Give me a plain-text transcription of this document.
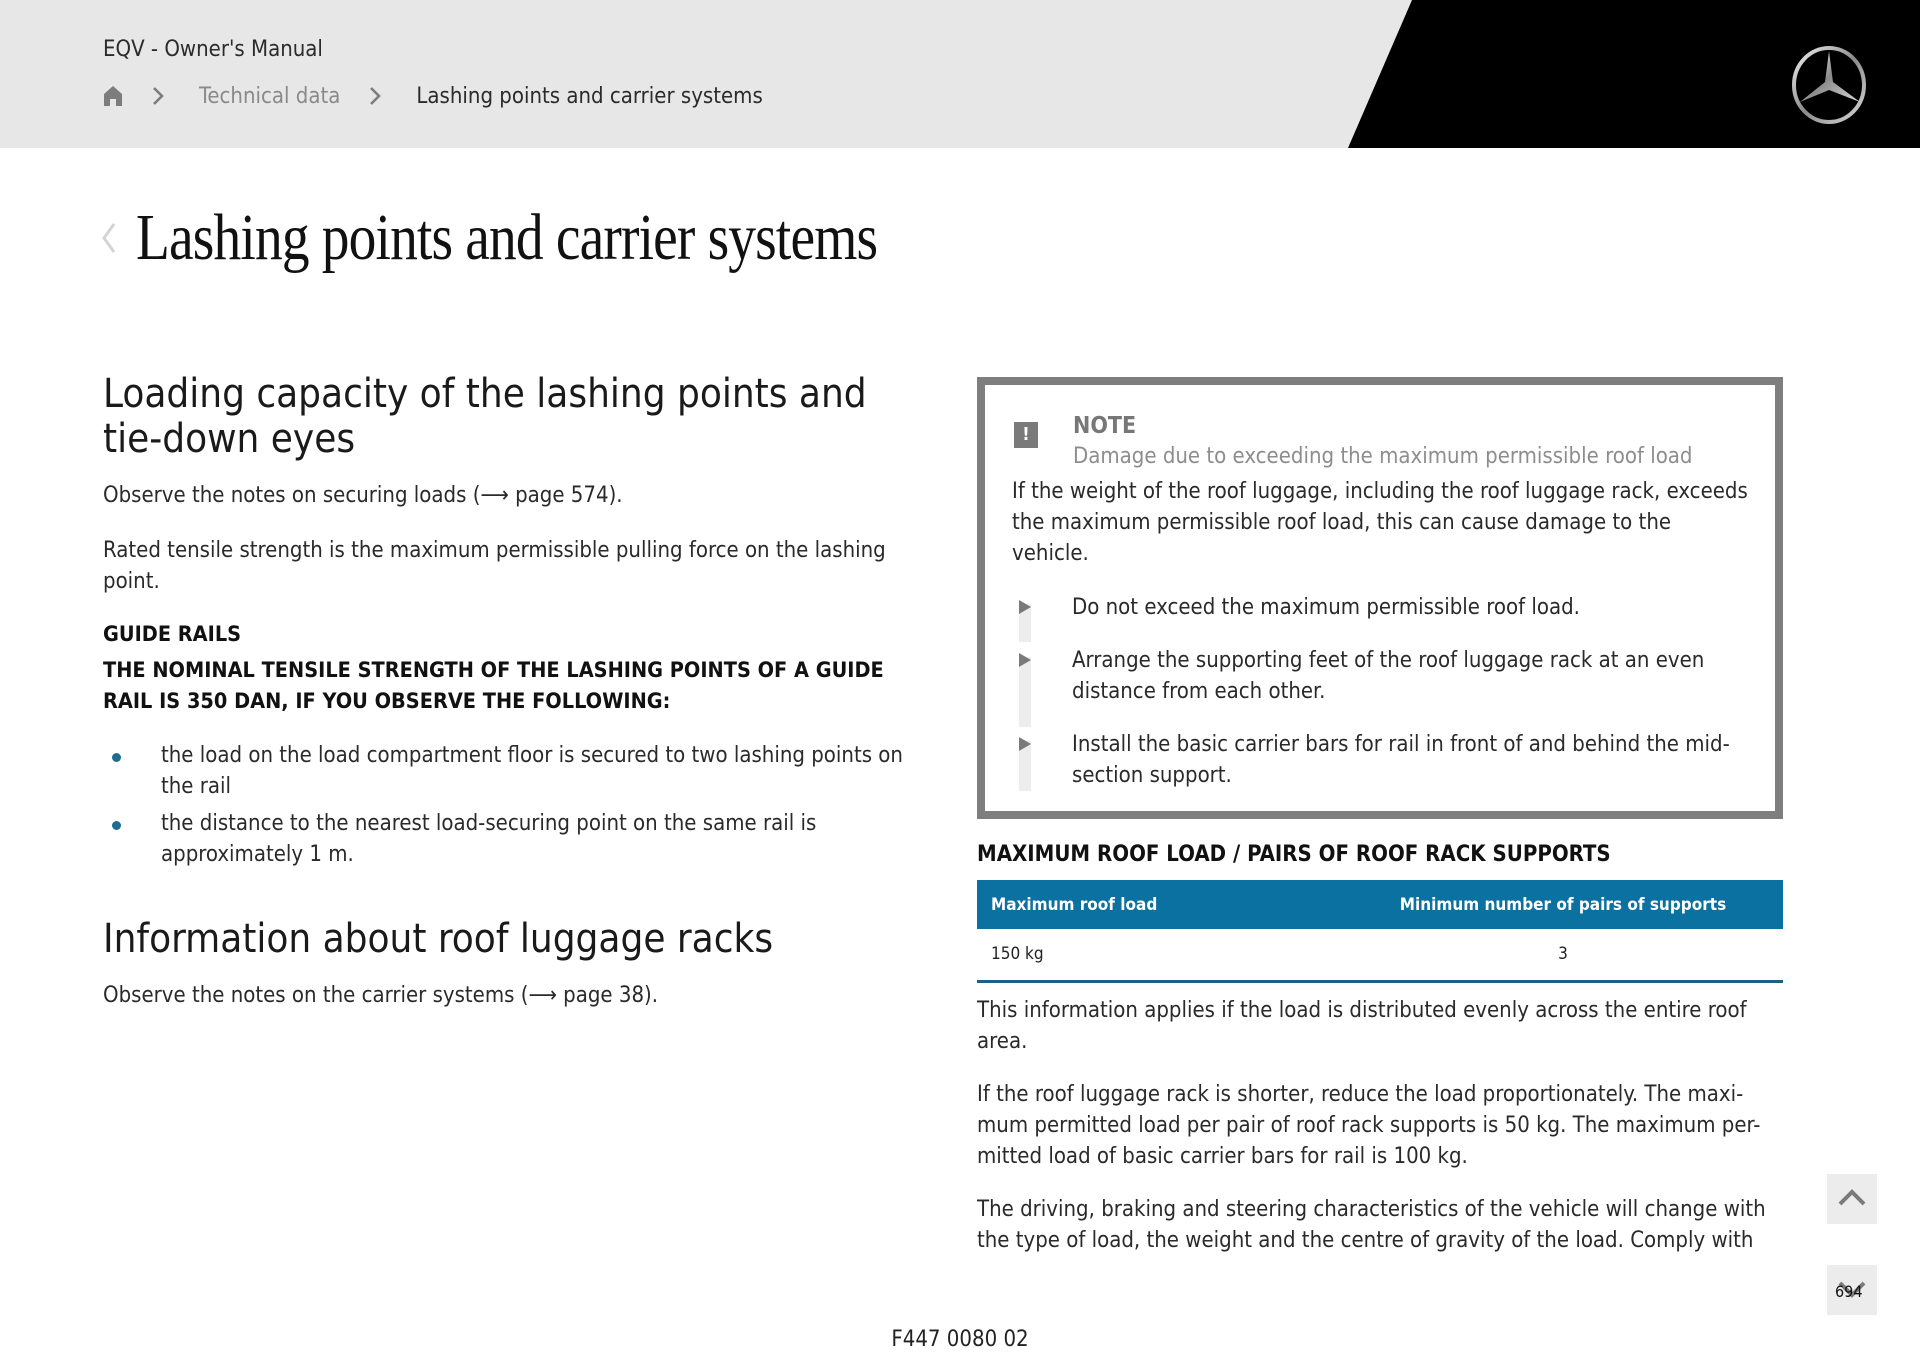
EQV - Owner's Manual
Technical data	Lashing points and carrier systems
Lashing points and carrier systems
Loading capacity of the lashing points and
tie-down eyes

Observe the notes on securing loads (⟶ page 574).

Rated tensile strength is the maximum permissible pulling force on the lashing point.

GUIDE RAILS

THE NOMINAL TENSILE STRENGTH OF THE LASHING POINTS OF A GUIDE RAIL IS 350 DAN, IF YOU OBSERVE THE FOLLOWING:

the load on the load compartment floor is secured to two lashing points on the rail
the distance to the nearest load-securing point on the same rail is approximately 1 m.
Information about roof luggage racks

Observe the notes on the carrier systems (⟶ page 38).

!	NOTE
Damage due to exceeding the maximum permissible roof load

If the weight of the roof luggage, including the roof luggage rack, exceeds the maximum permissible roof load, this can cause damage to the vehicle.

Do not exceed the maximum permissible roof load.
Arrange the supporting feet of the roof luggage rack at an even distance from each other.
Install the basic carrier bars for rail in front of and behind the mid-section support.
MAXIMUM ROOF LOAD / PAIRS OF ROOF RACK SUPPORTS
Maximum roof load	Minimum number of pairs of supports
150 kg	3

This information applies if the load is distributed evenly across the entire roof area.

If the roof luggage rack is shorter, reduce the load proportionately. The maxi-mum permitted load per pair of roof rack supports is 50 kg. The maximum per-mitted load of basic carrier bars for rail is 100 kg.

The driving, braking and steering characteristics of the vehicle will change with the type of load, the weight and the centre of gravity of the load. Comply with

694
F447 0080 02
